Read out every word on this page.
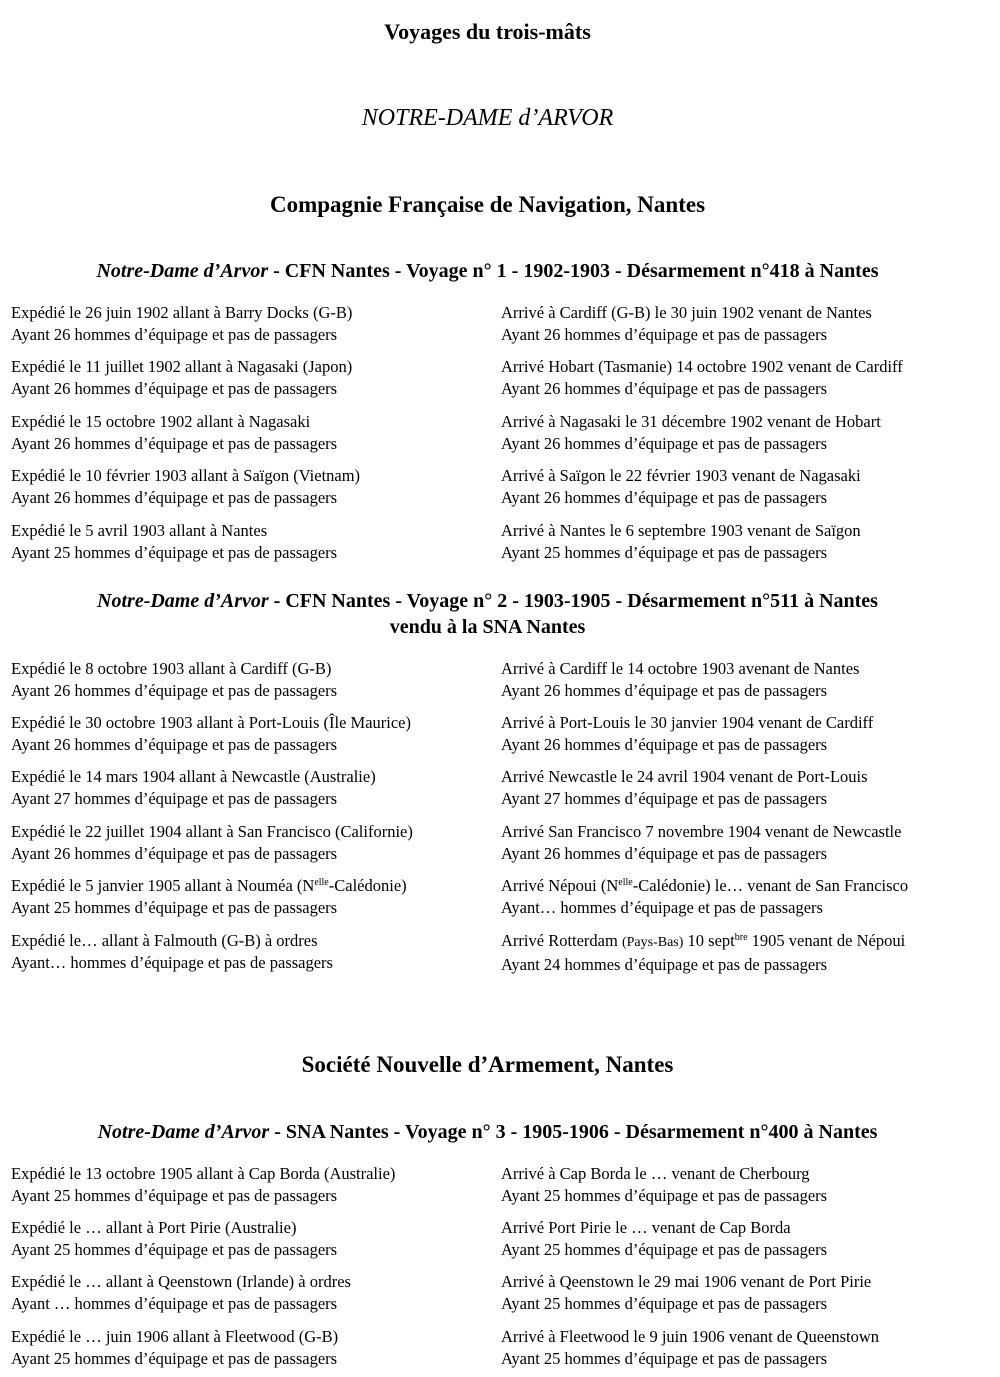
Voyages du trois-mâts
NOTRE-DAME d’ARVOR
Compagnie Française de Navigation, Nantes
Notre-Dame d’Arvor - CFN Nantes - Voyage n° 1 - 1902-1903 - Désarmement n°418 à Nantes
Expédié le 26 juin 1902 allant à Barry Docks (G-B)
Ayant 26 hommes d’équipage et pas de passagers
Arrivé à Cardiff (G-B) le 30 juin 1902 venant de Nantes
Ayant 26 hommes d’équipage et pas de passagers
Expédié le 11 juillet 1902 allant à Nagasaki (Japon)
Ayant 26 hommes d’équipage et pas de passagers
Arrivé Hobart (Tasmanie) 14 octobre 1902 venant de Cardiff
Ayant 26 hommes d’équipage et pas de passagers
Expédié le 15 octobre 1902 allant à Nagasaki
Ayant 26 hommes d’équipage et pas de passagers
Arrivé à Nagasaki le 31 décembre 1902 venant de Hobart
Ayant 26 hommes d’équipage et pas de passagers
Expédié le 10 février 1903 allant à Saïgon (Vietnam)
Ayant 26 hommes d’équipage et pas de passagers
Arrivé à Saïgon le 22 février 1903 venant de Nagasaki
Ayant 26 hommes d’équipage et pas de passagers
Expédié le 5 avril 1903 allant à Nantes
Ayant 25 hommes d’équipage et pas de passagers
Arrivé à Nantes le 6 septembre 1903 venant de Saïgon
Ayant 25 hommes d’équipage et pas de passagers
Notre-Dame d’Arvor - CFN Nantes - Voyage n° 2 - 1903-1905 - Désarmement n°511 à Nantes
vendu à la SNA Nantes
Expédié le 8 octobre 1903 allant à Cardiff (G-B)
Ayant 26 hommes d’équipage et pas de passagers
Arrivé à Cardiff le 14 octobre 1903 avenant de Nantes
Ayant 26 hommes d’équipage et pas de passagers
Expédié le 30 octobre 1903 allant à Port-Louis (Île Maurice)
Ayant 26 hommes d’équipage et pas de passagers
Arrivé à Port-Louis le 30 janvier 1904 venant de Cardiff
Ayant 26 hommes d’équipage et pas de passagers
Expédié le 14 mars 1904 allant à Newcastle (Australie)
Ayant 27 hommes d’équipage et pas de passagers
Arrivé Newcastle le 24 avril 1904 venant de Port-Louis
Ayant 27 hommes d’équipage et pas de passagers
Expédié le 22 juillet 1904 allant à San Francisco (Californie)
Ayant 26 hommes d’équipage et pas de passagers
Arrivé San Francisco 7 novembre 1904 venant de Newcastle
Ayant 26 hommes d’équipage et pas de passagers
Expédié le 5 janvier 1905 allant à Nouméa $(N^{elle}-Calédonie)$
Ayant 25 hommes d’équipage et pas de passagers
Arrivé Népoui $(N^{elle}-Calédonie)$ le… venant de San Francisco
Ayant… hommes d’équipage et pas de passagers
Expédié le… allant à Falmouth (G-B) à ordres
Ayant… hommes d’équipage et pas de passagers
Arrivé Rotterdam (Pays-Bas) 10 sept$^{bre}$ 1905 venant de Népoui
Ayant 24 hommes d’équipage et pas de passagers
Société Nouvelle d’Armement, Nantes
Notre-Dame d’Arvor - SNA Nantes - Voyage n° 3 - 1905-1906 - Désarmement n°400 à Nantes
Expédié le 13 octobre 1905 allant à Cap Borda (Australie)
Ayant 25 hommes d’équipage et pas de passagers
Arrivé à Cap Borda le … venant de Cherbourg
Ayant 25 hommes d’équipage et pas de passagers
Expédié le … allant à Port Pirie (Australie)
Ayant 25 hommes d’équipage et pas de passagers
Arrivé Port Pirie le … venant de Cap Borda
Ayant 25 hommes d’équipage et pas de passagers
Expédié le … allant à Qeenstown (Irlande) à ordres
Ayant … hommes d’équipage et pas de passagers
Arrivé à Qeenstown le 29 mai 1906 venant de Port Pirie
Ayant 25 hommes d’équipage et pas de passagers
Expédié le … juin 1906 allant à Fleetwood (G-B)
Ayant 25 hommes d’équipage et pas de passagers
Arrivé à Fleetwood le 9 juin 1906 venant de Queenstown
Ayant 25 hommes d’équipage et pas de passagers
